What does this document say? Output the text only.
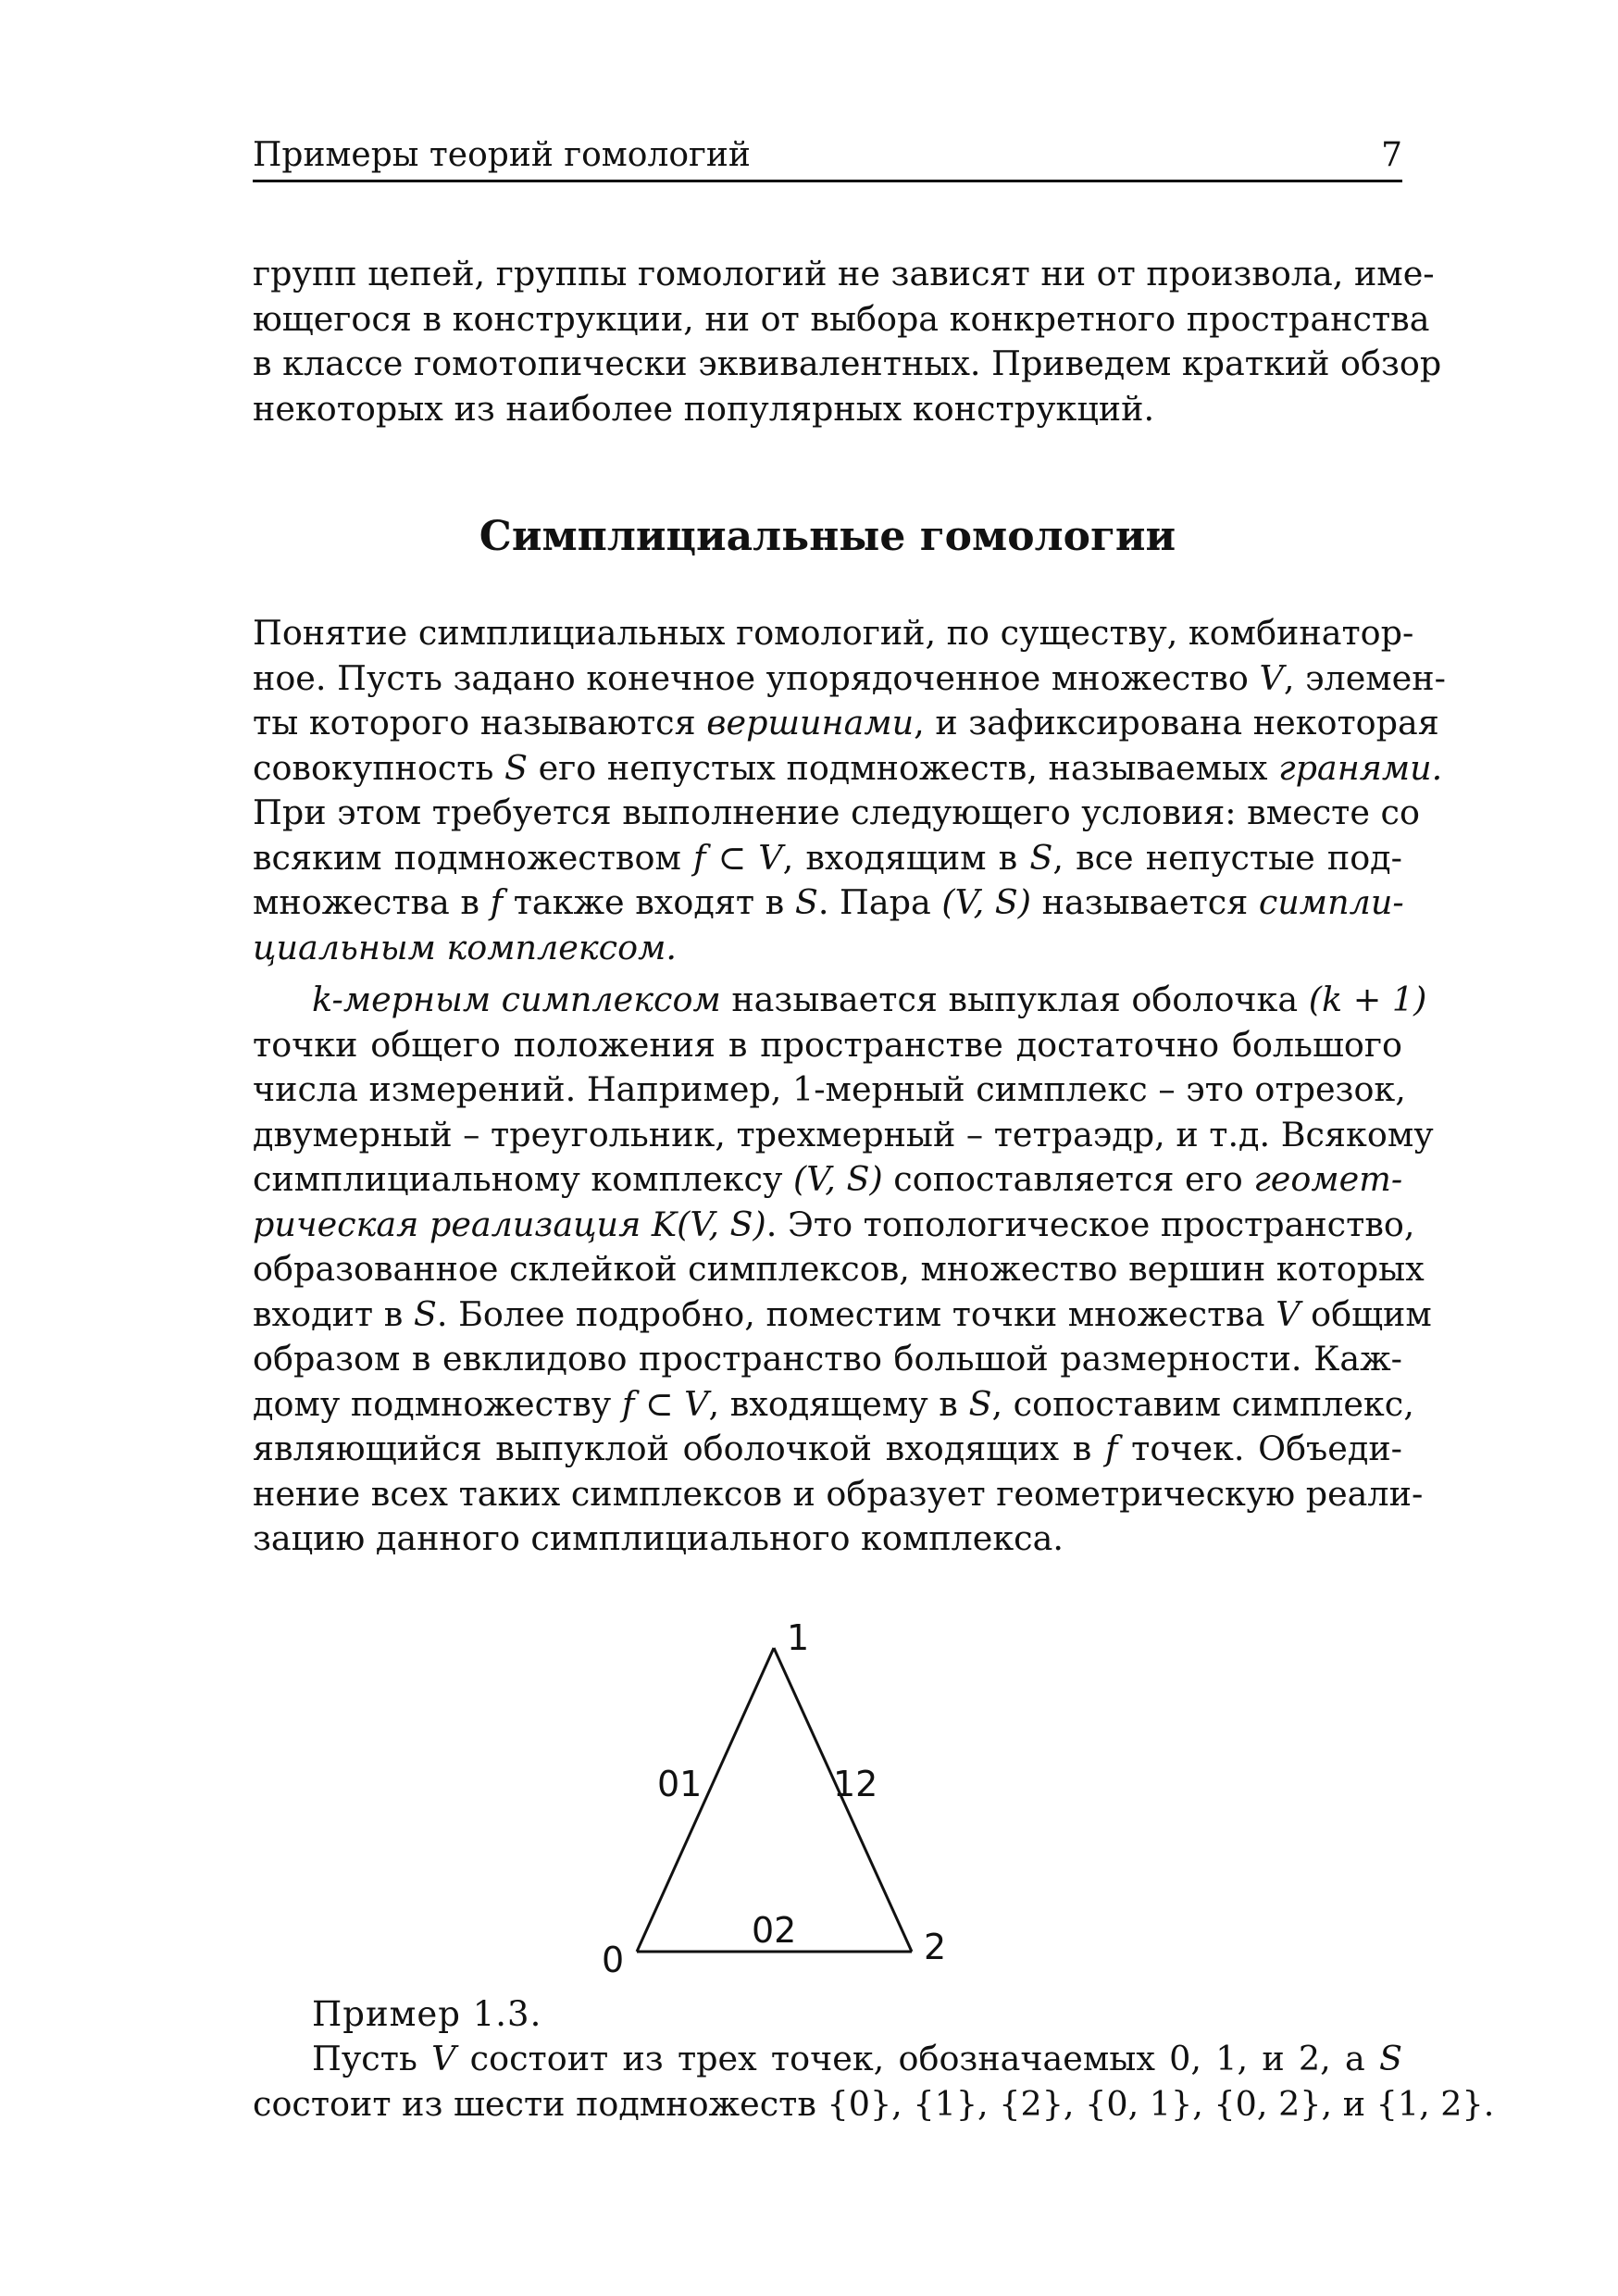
Примеры теорий гомологий	7
групп цепей, группы гомологий не зависят ни от произвола, име-
ющегося в конструкции, ни от выбора конкретного пространства
в классе гомотопически эквивалентных. Приведем краткий обзор
некоторых из наиболее популярных конструкций.
Симплициальные гомологии
Понятие симплициальных гомологий, по существу, комбинатор-
ное. Пусть задано конечное упорядоченное множество V, элемен-
ты которого называются вершинами, и зафиксирована некоторая
совокупность S его непустых подмножеств, называемых гранями.
При этом требуется выполнение следующего условия: вместе со
всяким подмножеством f ⊂ V, входящим в S, все непустые под-
множества в f также входят в S. Пара (V, S) называется симпли-
циальным комплексом.
k-мерным симплексом называется выпуклая оболочка (k + 1)
точки общего положения в пространстве достаточно большого
числа измерений. Например, 1-мерный симплекс – это отрезок,
двумерный – треугольник, трехмерный – тетраэдр, и т.д. Всякому
симплициальному комплексу (V, S) сопоставляется его геомет-
рическая реализация K(V, S). Это топологическое пространство,
образованное склейкой симплексов, множество вершин которых
входит в S. Более подробно, поместим точки множества V общим
образом в евклидово пространство большой размерности. Каж-
дому подмножеству f ⊂ V, входящему в S, сопоставим симплекс,
являющийся выпуклой оболочкой входящих в f точек. Объеди-
нение всех таких симплексов и образует геометрическую реали-
зацию данного симплициального комплекса.
0
1
2
01	12
02
Пример 1.3.
Пусть V состоит из трех точек, обозначаемых 0, 1, и 2, а S
состоит из шести подмножеств {0}, {1}, {2}, {0, 1}, {0, 2}, и {1, 2}.
